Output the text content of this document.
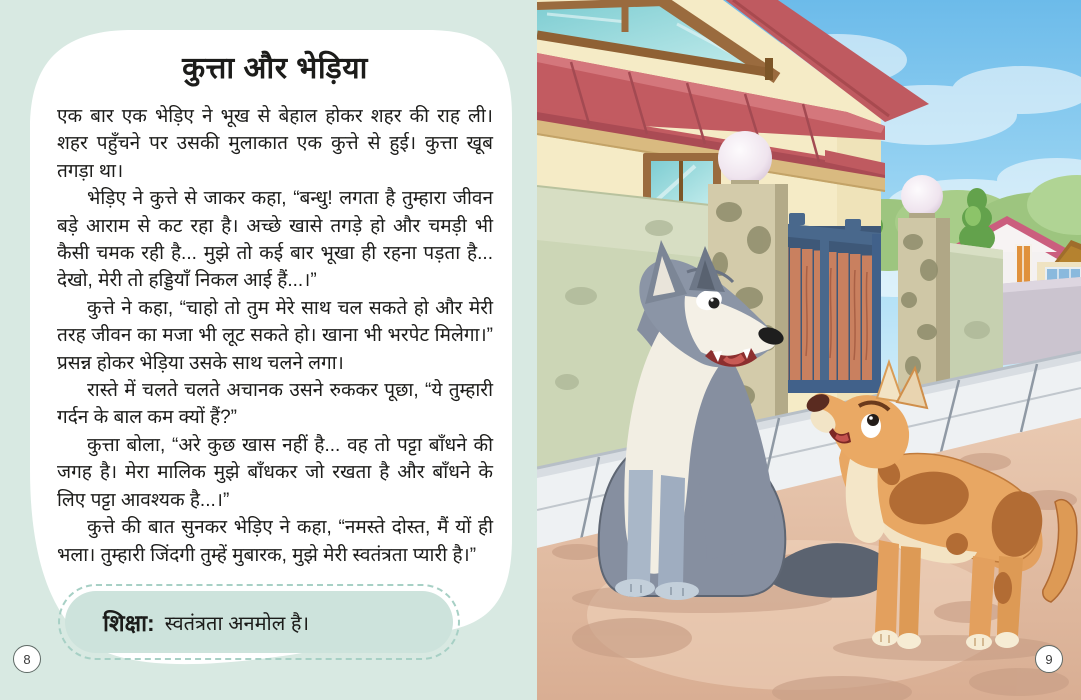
कुत्ता और भेड़िया

एक बार एक भेड़िए ने भूख से बेहाल होकर शहर की राह ली। शहर पहुँचने पर उसकी मुलाकात एक कुत्ते से हुई। कुत्ता खूब तगड़ा था।

भेड़िए ने कुत्ते से जाकर कहा, “बन्धु! लगता है तुम्हारा जीवन बड़े आराम से कट रहा है। अच्छे खासे तगड़े हो और चमड़ी भी कैसी चमक रही है... मुझे तो कई बार भूखा ही रहना पड़ता है... देखो, मेरी तो हड्डियाँ निकल आई हैं...।”

कुत्ते ने कहा, “चाहो तो तुम मेरे साथ चल सकते हो और मेरी तरह जीवन का मजा भी लूट सकते हो। खाना भी भरपेट मिलेगा।” प्रसन्न होकर भेड़िया उसके साथ चलने लगा।

रास्ते में चलते चलते अचानक उसने रुककर पूछा, “ये तुम्हारी गर्दन के बाल कम क्यों हैं?”

कुत्ता बोला, “अरे कुछ खास नहीं है... वह तो पट्टा बाँधने की जगह है। मेरा मालिक मुझे बाँधकर जो रखता है और बाँधने के लिए पट्टा आवश्यक है...।”

कुत्ते की बात सुनकर भेड़िए ने कहा, “नमस्ते दोस्त, मैं यों ही भला। तुम्हारी जिंदगी तुम्हें मुबारक, मुझे मेरी स्वतंत्रता प्यारी है।”

शिक्षा: स्वतंत्रता अनमोल है।
8	9
